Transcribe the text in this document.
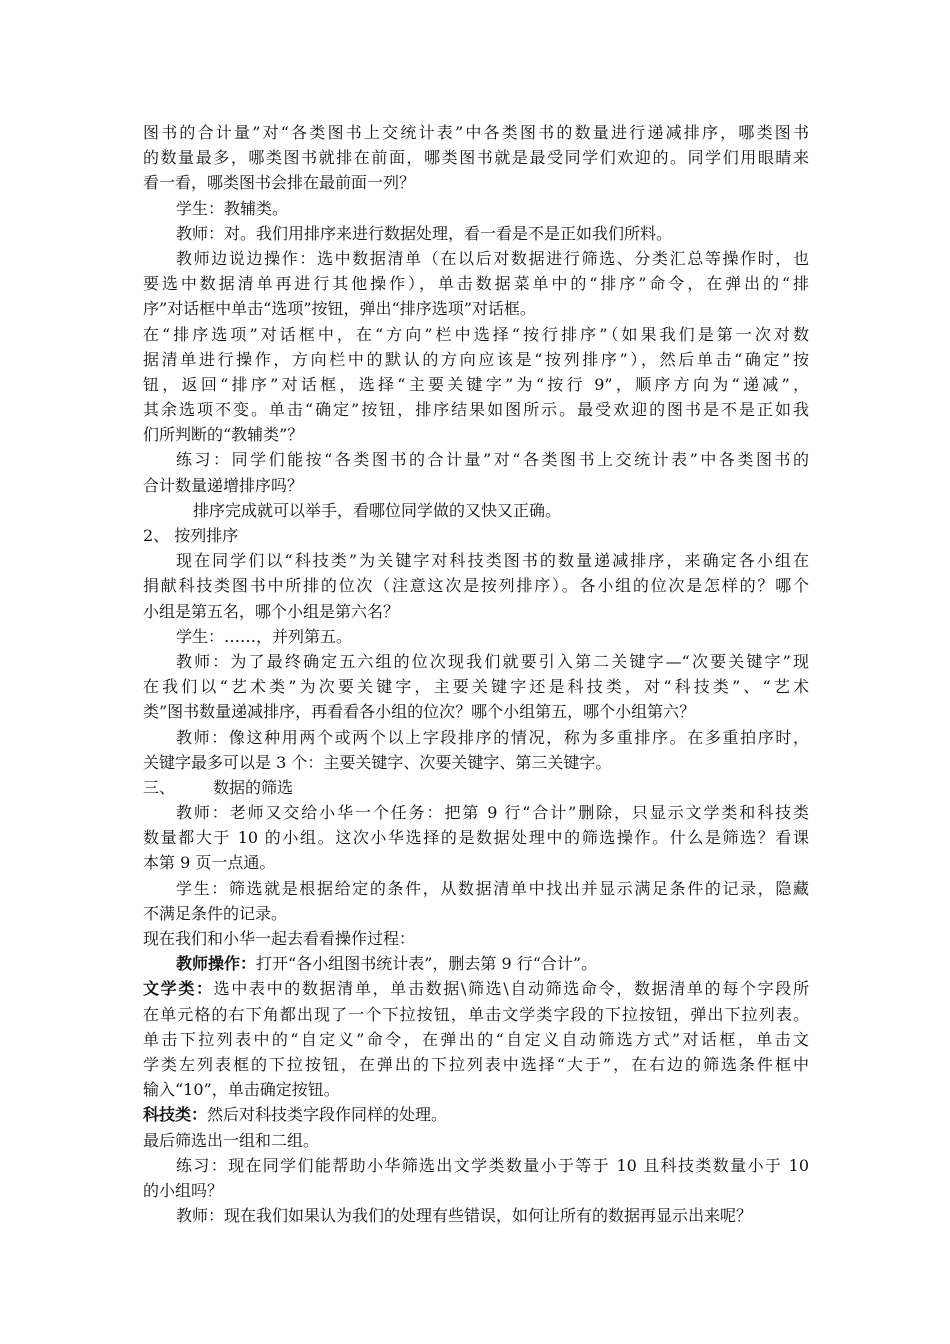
图书的合计量”对“各类图书上交统计表”中各类图书的数量进行递减排序，哪类图书
的数量最多，哪类图书就排在前面，哪类图书就是最受同学们欢迎的。同学们用眼睛来
看一看，哪类图书会排在最前面一列？
学生：教辅类。
教师：对。我们用排序来进行数据处理，看一看是不是正如我们所料。
教师边说边操作：选中数据清单（在以后对数据进行筛选、分类汇总等操作时，也
要选中数据清单再进行其他操作），单击数据菜单中的“排序”命令，在弹出的“排
序”对话框中单击“选项”按钮，弹出“排序选项”对话框。
在“排序选项”对话框中，在“方向”栏中选择“按行排序”（如果我们是第一次对数
据清单进行操作，方向栏中的默认的方向应该是“按列排序”），然后单击“确定”按
钮，返回“排序”对话框，选择“主要关键字”为“按行 9”，顺序方向为“递减”，
其余选项不变。单击“确定”按钮，排序结果如图所示。最受欢迎的图书是不是正如我
们所判断的“教辅类”？
练习：同学们能按“各类图书的合计量”对“各类图书上交统计表”中各类图书的
合计数量递增排序吗？
排序完成就可以举手，看哪位同学做的又快又正确。
2、 按列排序
现在同学们以“科技类”为关键字对科技类图书的数量递减排序，来确定各小组在
捐献科技类图书中所排的位次（注意这次是按列排序）。各小组的位次是怎样的？哪个
小组是第五名，哪个小组是第六名？
学生：……，并列第五。
教师：为了最终确定五六组的位次现我们就要引入第二关键字—“次要关键字”现
在我们以“艺术类”为次要关键字，主要关键字还是科技类，对“科技类”、“艺术
类”图书数量递减排序，再看看各小组的位次？哪个小组第五，哪个小组第六？
教师：像这种用两个或两个以上字段排序的情况，称为多重排序。在多重拍序时，
关键字最多可以是 3 个：主要关键字、次要关键字、第三关键字。
三、 数据的筛选
教师：老师又交给小华一个任务：把第 9 行“合计”删除，只显示文学类和科技类
数量都大于 10 的小组。这次小华选择的是数据处理中的筛选操作。什么是筛选？看课
本第 9 页一点通。
学生：筛选就是根据给定的条件，从数据清单中找出并显示满足条件的记录，隐藏
不满足条件的记录。
现在我们和小华一起去看看操作过程：
教师操作：打开“各小组图书统计表”，删去第 9 行“合计”。
文学类：选中表中的数据清单，单击数据\筛选\自动筛选命令，数据清单的每个字段所
在单元格的右下角都出现了一个下拉按钮，单击文学类字段的下拉按钮，弹出下拉列表。
单击下拉列表中的“自定义”命令，在弹出的“自定义自动筛选方式”对话框，单击文
学类左列表框的下拉按钮，在弹出的下拉列表中选择“大于”，在右边的筛选条件框中
输入“10”，单击确定按钮。
科技类：然后对科技类字段作同样的处理。
最后筛选出一组和二组。
练习：现在同学们能帮助小华筛选出文学类数量小于等于 10 且科技类数量小于 10
的小组吗？
教师：现在我们如果认为我们的处理有些错误，如何让所有的数据再显示出来呢？
